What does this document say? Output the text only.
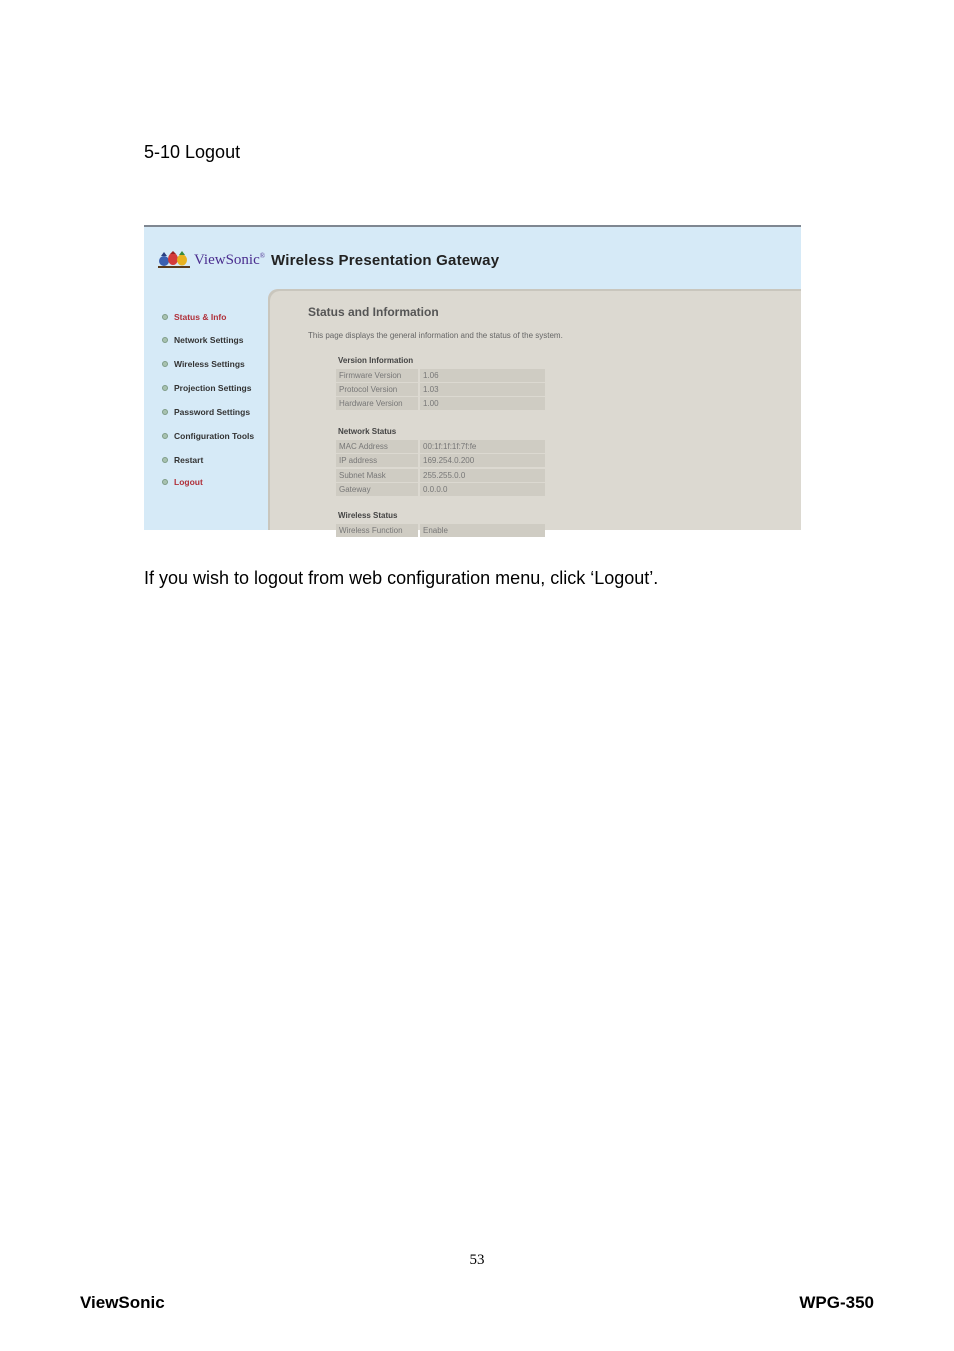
5-10 Logout
ViewSonic® Wireless Presentation Gateway
Status & Info
Network Settings
Wireless Settings
Projection Settings
Password Settings
Configuration Tools
Restart
Logout
Status and Information
This page displays the general information and the status of the system.
Version Information
Firmware Version	1.06
Protocol Version	1.03
Hardware Version	1.00
Network Status
MAC Address	00:1f:1f:1f:7f:fe
IP address	169.254.0.200
Subnet Mask	255.255.0.0
Gateway	0.0.0.0
Wireless Status
Wireless Function	Enable
If you wish to logout from web configuration menu, click ‘Logout’.
53
ViewSonic	WPG-350
